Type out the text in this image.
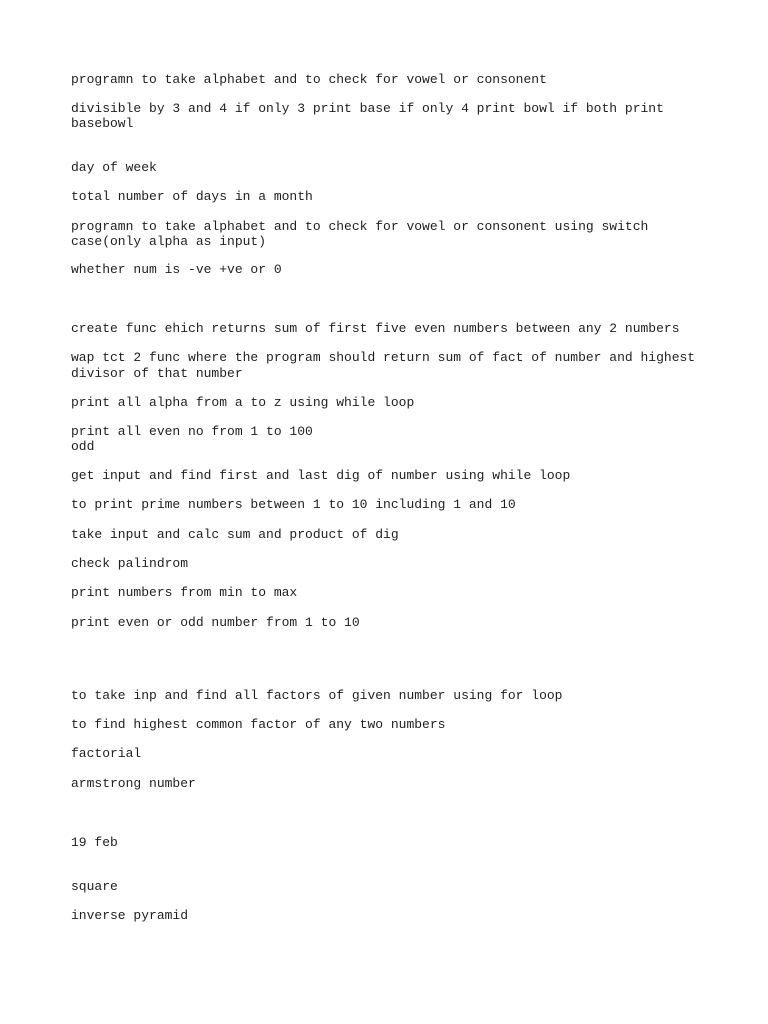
programn to take alphabet and to check for vowel or consonent

divisible by 3 and 4 if only 3 print base if only 4 print bowl if both print

basebowl

day of week

total number of days in a month

programn to take alphabet and to check for vowel or consonent using switch

case(only alpha as input)

whether num is -ve +ve or 0

create func ehich returns sum of first five even numbers between any 2 numbers

wap tct 2 func where the program should return sum of fact of number and highest

divisor of that number

print all alpha from a to z using while loop

print all even no from 1 to 100

odd

get input and find first and last dig of number using while loop

to print prime numbers between 1 to 10 including 1 and 10

take input and calc sum and product of dig

check palindrom

print numbers from min to max

print even or odd number from 1 to 10

to take inp and find all factors of given number using for loop

to find highest common factor of any two numbers

factorial

armstrong number

19 feb

square

inverse pyramid
